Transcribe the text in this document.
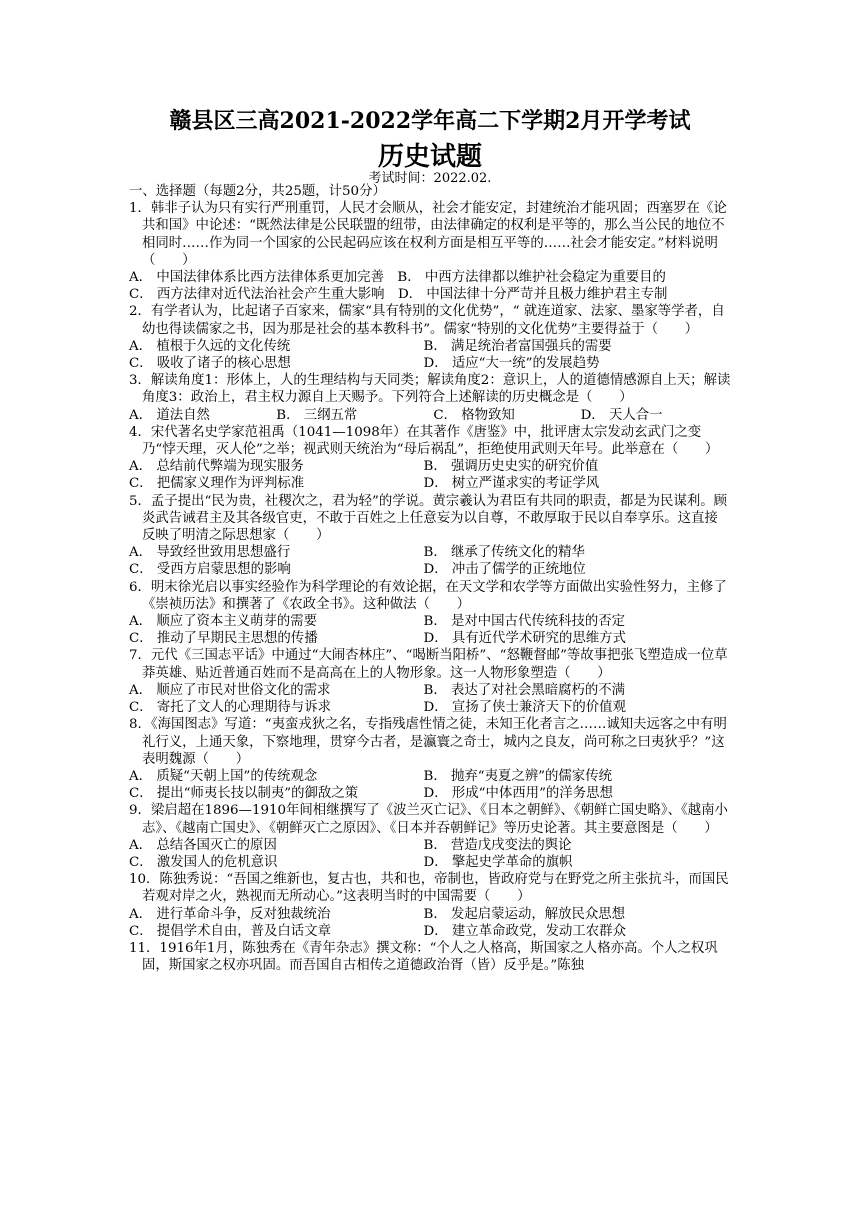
赣县区三高2021-2022学年高二下学期2月开学考试
历史试题
考试时间：2022.02.
一、选择题（每题2分，共25题，计50分）
1．韩非子认为只有实行严刑重罚，人民才会顺从，社会才能安定，封建统治才能巩固；西塞罗在《论共和国》中论述：“既然法律是公民联盟的纽带，由法律确定的权利是平等的，那么当公民的地位不相同时……作为同一个国家的公民起码应该在权利方面是相互平等的……社会才能安定。”材料说明（　　）
A． 中国法律体系比西方法律体系更加完善　 B． 中西方法律都以维护社会稳定为重要目的
C． 西方法律对近代法治社会产生重大影响　 D． 中国法律十分严苛并且极力维护君主专制
2．有学者认为，比起诸子百家来，儒家“具有特别的文化优势”，“ 就连道家、法家、墨家等学者，自幼也得读儒家之书，因为那是社会的基本教科书”。儒家“特别的文化优势”主要得益于（　　）
A． 植根于久远的文化传统	B． 满足统治者富国强兵的需要
C． 吸收了诸子的核心思想	D． 适应“大一统”的发展趋势
3．解读角度1：形体上，人的生理结构与天同类；解读角度2：意识上，人的道德情感源自上天；解读角度3：政治上，君主权力源自上天赐予。下列符合上述解读的历史概念是（　　）
A． 道法自然	B． 三纲五常	C． 格物致知	D． 天人合一
4．宋代著名史学家范祖禹（1041—1098年）在其著作《唐鉴》中，批评唐太宗发动玄武门之变乃“悖天理，灭人伦”之举；视武则天统治为“母后祸乱”，拒绝使用武则天年号。此举意在（　　）
A． 总结前代弊端为现实服务	B． 强调历史史实的研究价值
C． 把儒家义理作为评判标准	D． 树立严谨求实的考证学风
5．孟子提出“民为贵，社稷次之，君为轻”的学说。黄宗羲认为君臣有共同的职责，都是为民谋利。顾炎武告诫君主及其各级官吏，不敢于百姓之上任意妄为以自尊，不敢厚取于民以自奉享乐。这直接反映了明清之际思想家（　　）
A． 导致经世致用思想盛行	B． 继承了传统文化的精华
C． 受西方启蒙思想的影响	D． 冲击了儒学的正统地位
6．明末徐光启以事实经验作为科学理论的有效论据，在天文学和农学等方面做出实验性努力，主修了《崇祯历法》和撰著了《农政全书》。这种做法（　　）
A． 顺应了资本主义萌芽的需要	B． 是对中国古代传统科技的否定
C． 推动了早期民主思想的传播	D． 具有近代学术研究的思维方式
7．元代《三国志平话》中通过“大闹杏林庄”、“喝断当阳桥”、“怒鞭督邮”等故事把张飞塑造成一位草莽英雄、贴近普通百姓而不是高高在上的人物形象。这一人物形象塑造（　　）
A． 顺应了市民对世俗文化的需求	B． 表达了对社会黑暗腐朽的不满
C． 寄托了文人的心理期待与诉求	D． 宣扬了侠士兼济天下的价值观
8．《海国图志》写道：“夷蛮戎狄之名，专指残虐性情之徒，未知王化者言之……诚知夫远客之中有明礼行义，上通天象，下察地理，贯穿今古者，是瀛寰之奇士，城内之良友，尚可称之曰夷狄乎？”这表明魏源（　　）
A． 质疑“天朝上国”的传统观念	B． 抛弃“夷夏之辨”的儒家传统
C． 提出“师夷长技以制夷”的御敌之策	D． 形成“中体西用”的洋务思想
9．梁启超在1896—1910年间相继撰写了《波兰灭亡记》、《日本之朝鲜》、《朝鲜亡国史略》、《越南小志》、《越南亡国史》、《朝鲜灭亡之原因》、《日本并吞朝鲜记》等历史论著。其主要意图是（　　）
A． 总结各国灭亡的原因	B． 营造戊戌变法的舆论
C． 激发国人的危机意识	D． 擎起史学革命的旗帜
10．陈独秀说：“吾国之维新也，复古也，共和也，帝制也，皆政府党与在野党之所主张抗斗，而国民若观对岸之火，熟视而无所动心。”这表明当时的中国需要（　　）
A． 进行革命斗争，反对独裁统治	B． 发起启蒙运动，解放民众思想
C． 提倡学术自由，普及白话文章	D． 建立革命政党，发动工农群众
11．1916年1月，陈独秀在《青年杂志》撰文称：“个人之人格高，斯国家之人格亦高。个人之权巩固，斯国家之权亦巩固。而吾国自古相传之道德政治胥（皆）反乎是。”陈独
